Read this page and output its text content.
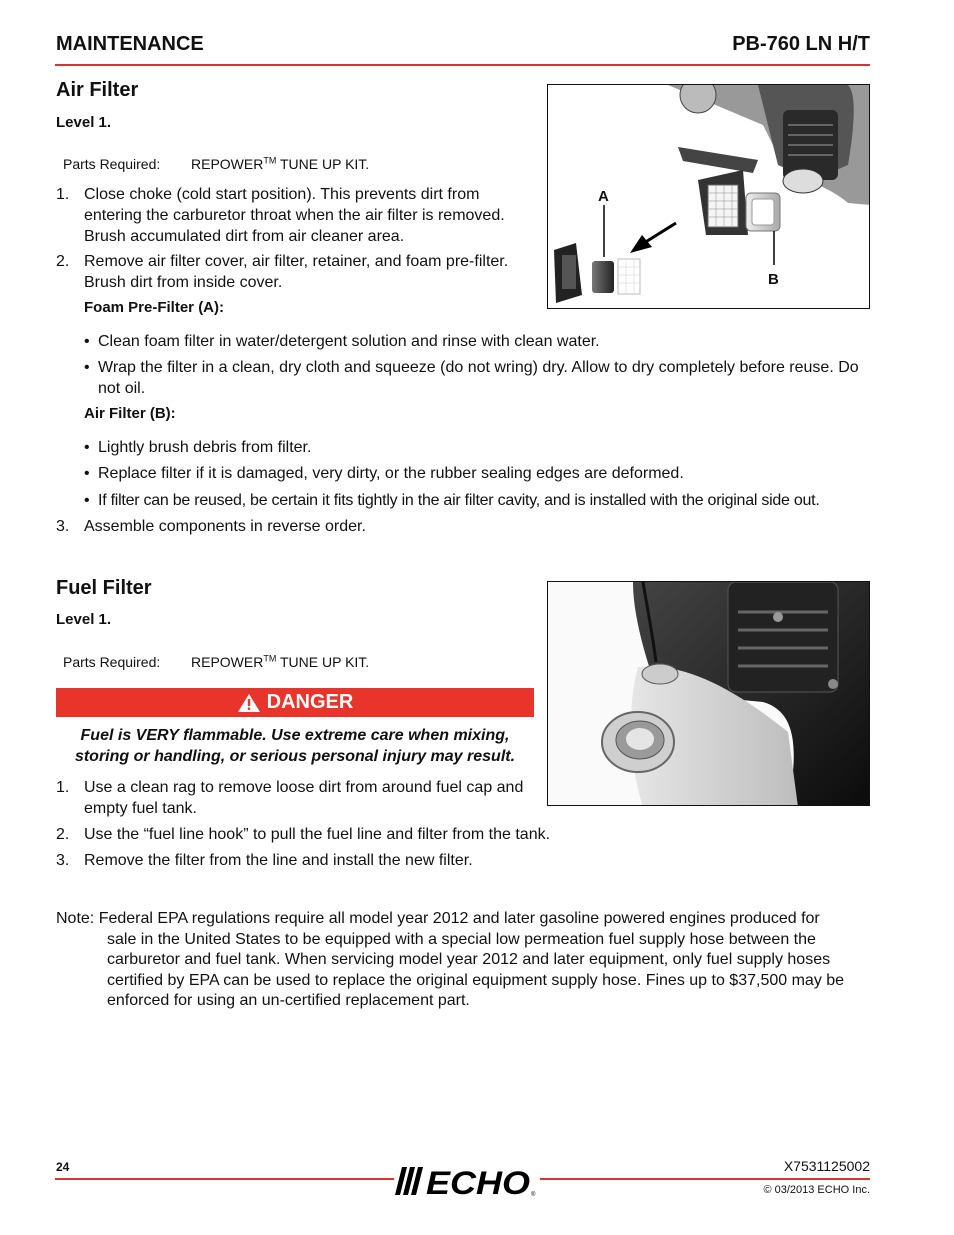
MAINTENANCE	PB-760 LN H/T
Air Filter
Level 1.
Parts Required: REPOWER™ TUNE UP KIT.
1. Close choke (cold start position). This prevents dirt from entering the carburetor throat when the air filter is removed. Brush accumulated dirt from air cleaner area.
2. Remove air filter cover, air filter, retainer, and foam pre-filter. Brush dirt from inside cover.
Foam Pre-Filter (A):
• Clean foam filter in water/detergent solution and rinse with clean water.
• Wrap the filter in a clean, dry cloth and squeeze (do not wring) dry. Allow to dry completely before reuse. Do not oil.
Air Filter (B):
• Lightly brush debris from filter.
• Replace filter if it is damaged, very dirty, or the rubber sealing edges are deformed.
• If filter can be reused, be certain it fits tightly in the air filter cavity, and is installed with the original side out.
3. Assemble components in reverse order.
A
B
Fuel Filter
Level 1.
Parts Required: REPOWER™ TUNE UP KIT.
DANGER
Fuel is VERY flammable. Use extreme care when mixing, storing or handling, or serious personal injury may result.
1. Use a clean rag to remove loose dirt from around fuel cap and empty fuel tank.
2. Use the “fuel line hook” to pull the fuel line and filter from the tank.
3. Remove the filter from the line and install the new filter.
Note: Federal EPA regulations require all model year 2012 and later gasoline powered engines produced for
sale in the United States to be equipped with a special low permeation fuel supply hose between the carburetor and fuel tank. When servicing model year 2012 and later equipment, only fuel supply hoses certified by EPA can be used to replace the original equipment supply hose. Fines up to $37,500 may be enforced for using an un-certified replacement part.
24	ECHO ®
X7531125002
© 03/2013 ECHO Inc.
